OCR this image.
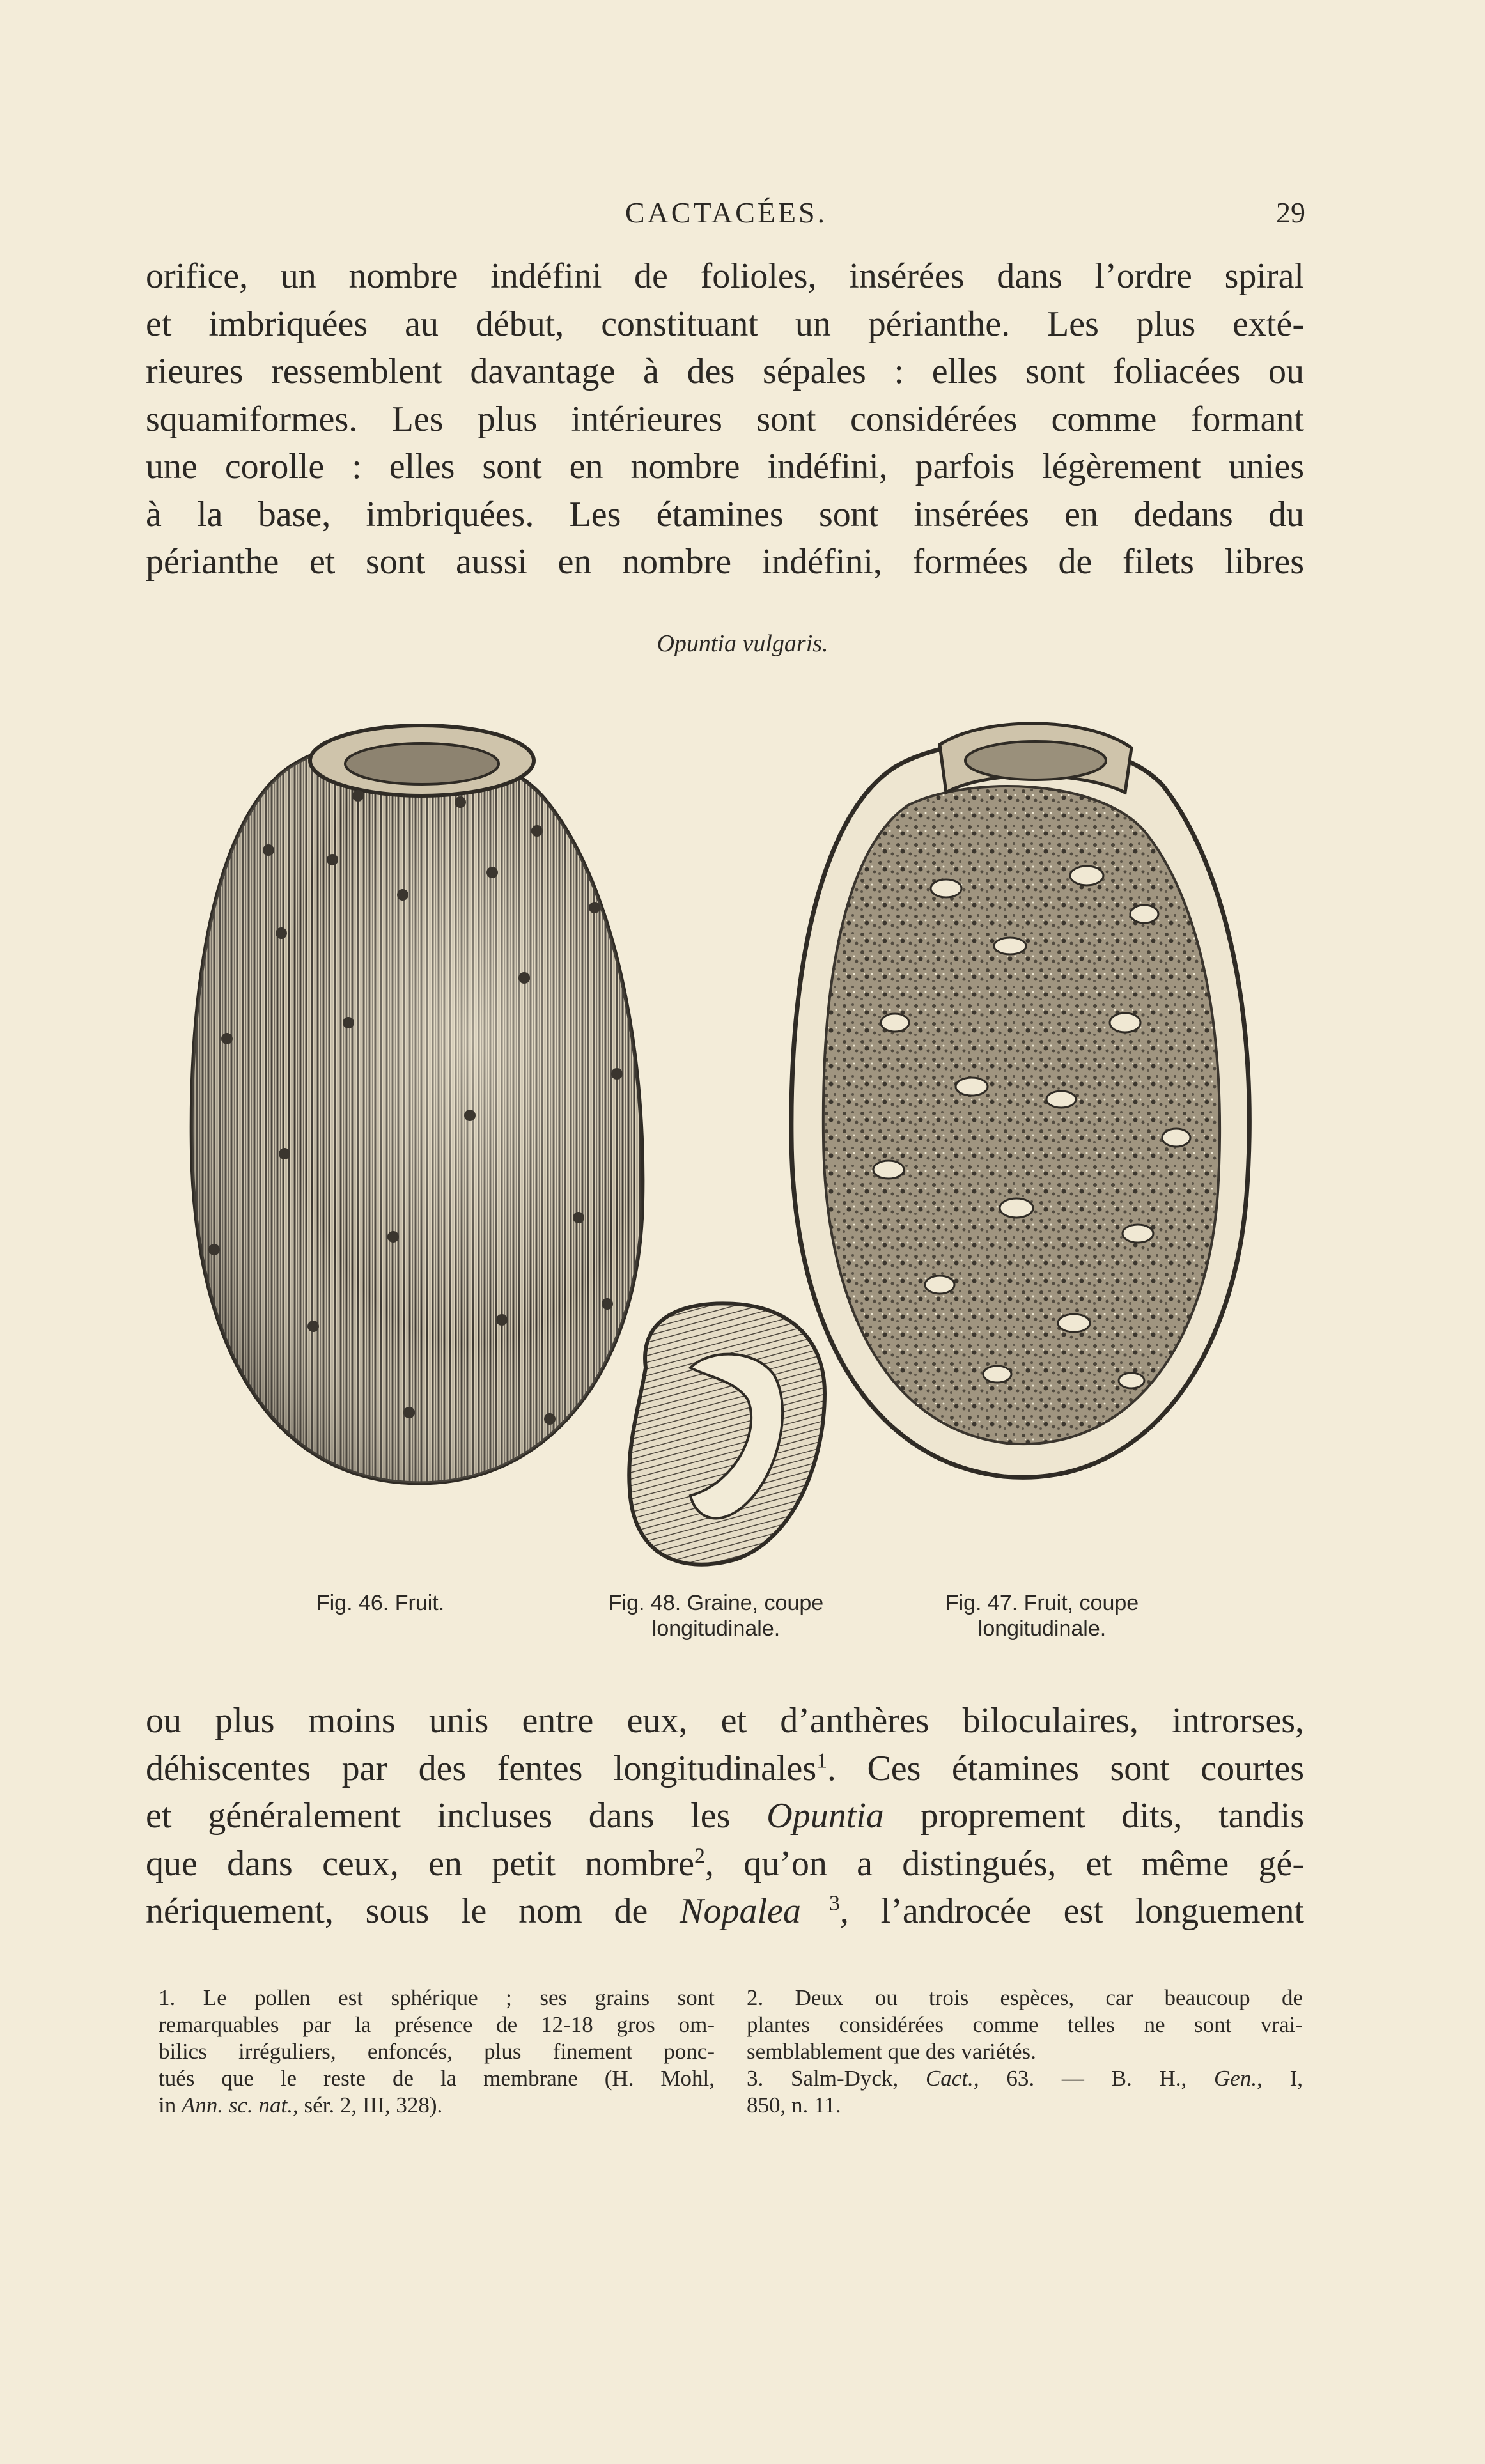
CACTACÉES.	29
orifice, un nombre indéfini de folioles, insérées dans l’ordre spiral
et imbriquées au début, constituant un périanthe. Les plus exté-
rieures ressemblent davantage à des sépales : elles sont foliacées ou
squamiformes. Les plus intérieures sont considérées comme formant
une corolle : elles sont en nombre indéfini, parfois légèrement unies
à la base, imbriquées. Les étamines sont insérées en dedans du
périanthe et sont aussi en nombre indéfini, formées de filets libres
Opuntia vulgaris.
Fig. 46. Fruit.	Fig. 48. Graine, coupe
longitudinale.
Fig. 47. Fruit, coupe
longitudinale.
ou plus moins unis entre eux, et d’anthères biloculaires, introrses,
déhiscentes par des fentes longitudinales$^1$. Ces étamines sont courtes
et généralement incluses dans les Opuntia proprement dits, tandis
que dans ceux, en petit nombre$^2$, qu’on a distingués, et même gé-
nériquement, sous le nom de Nopalea $^3$, l’androcée est longuement
1. Le pollen est sphérique ; ses grains sont
remarquables par la présence de 12-18 gros om-
bilics irréguliers, enfoncés, plus finement ponc-
tués que le reste de la membrane (H. Mohl,
in Ann. sc. nat., sér. 2, III, 328).
2. Deux ou trois espèces, car beaucoup de
plantes considérées comme telles ne sont vrai-
semblablement que des variétés.
3. Salm-Dyck, Cact., 63. — B. H., Gen., I,
850, n. 11.
